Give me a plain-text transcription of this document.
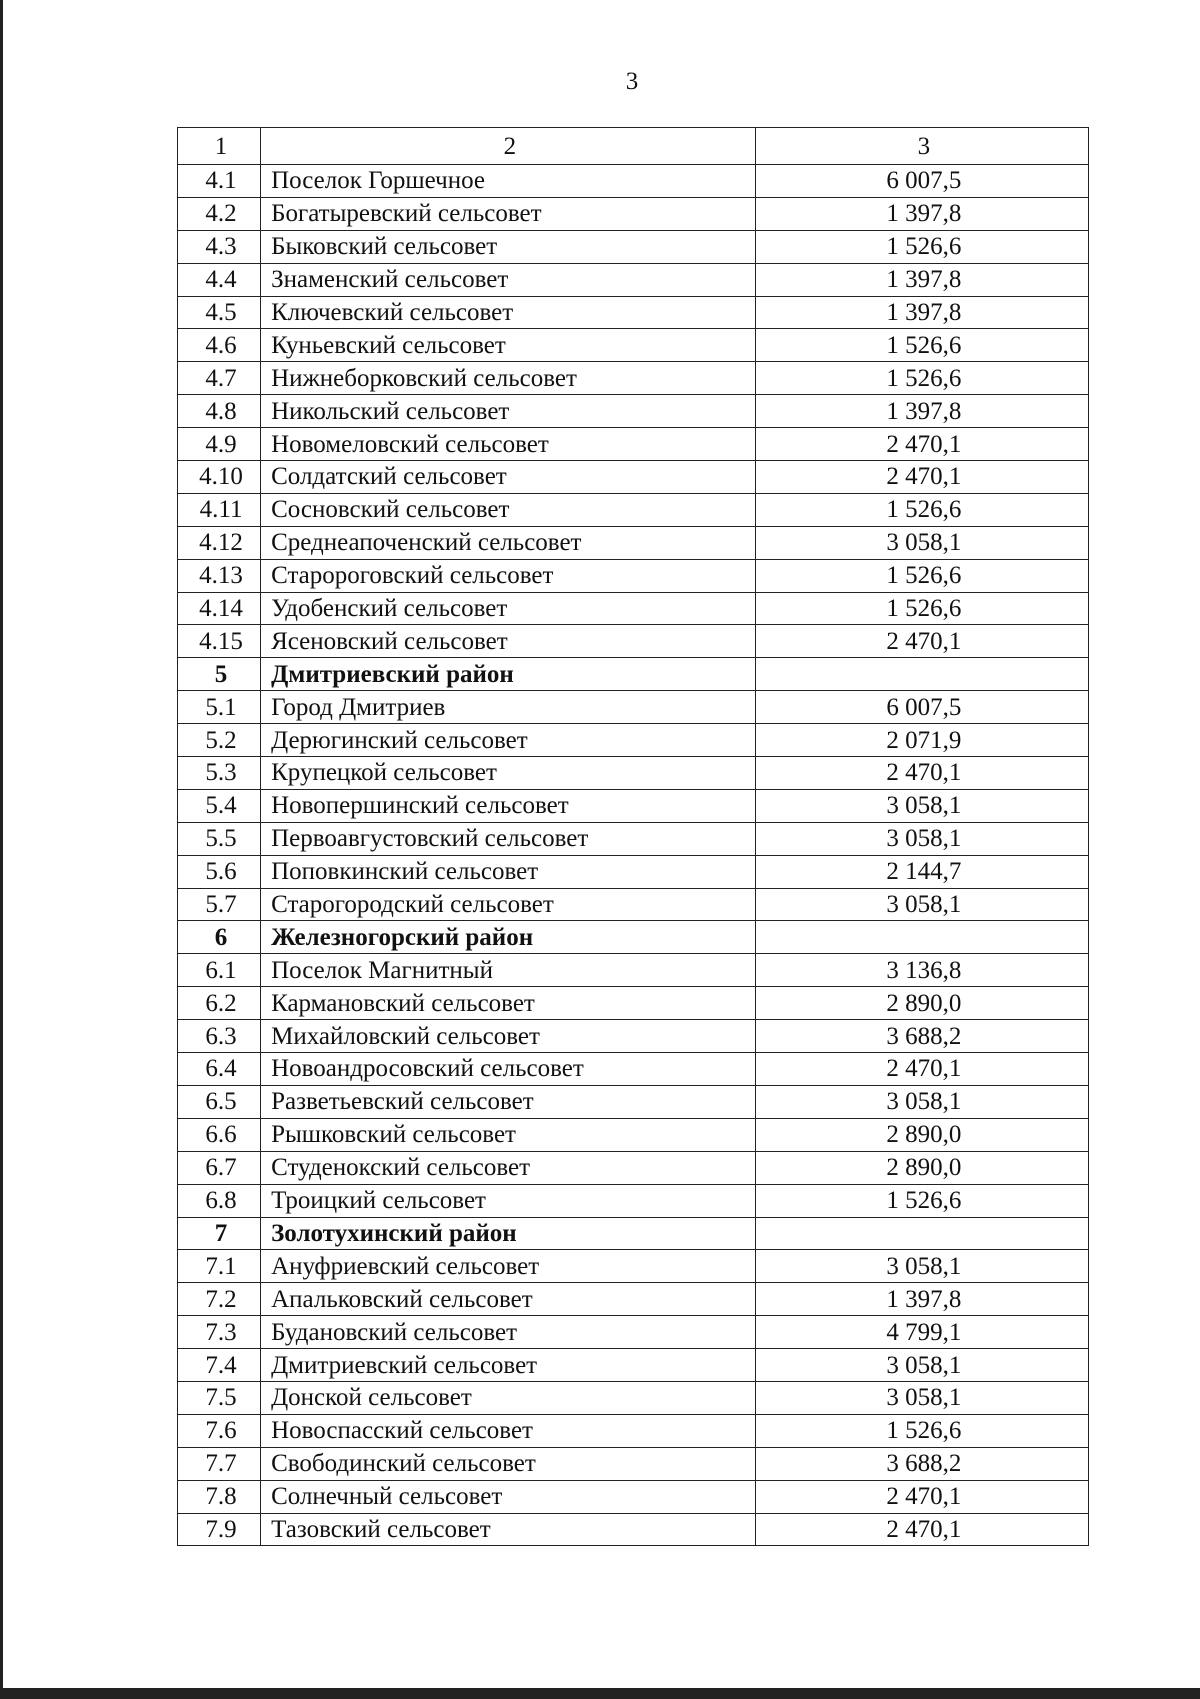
3
1	2	3
4.1	Поселок Горшечное	6 007,5
4.2	Богатыревский сельсовет	1 397,8
4.3	Быковский сельсовет	1 526,6
4.4	Знаменский сельсовет	1 397,8
4.5	Ключевский сельсовет	1 397,8
4.6	Куньевский сельсовет	1 526,6
4.7	Нижнеборковский сельсовет	1 526,6
4.8	Никольский сельсовет	1 397,8
4.9	Новомеловский сельсовет	2 470,1
4.10	Солдатский сельсовет	2 470,1
4.11	Сосновский сельсовет	1 526,6
4.12	Среднеапоченский сельсовет	3 058,1
4.13	Старороговский сельсовет	1 526,6
4.14	Удобенский сельсовет	1 526,6
4.15	Ясеновский сельсовет	2 470,1
5	Дмитриевский район	
5.1	Город Дмитриев	6 007,5
5.2	Дерюгинский сельсовет	2 071,9
5.3	Крупецкой сельсовет	2 470,1
5.4	Новопершинский сельсовет	3 058,1
5.5	Первоавгустовский сельсовет	3 058,1
5.6	Поповкинский сельсовет	2 144,7
5.7	Старогородский сельсовет	3 058,1
6	Железногорский район	
6.1	Поселок Магнитный	3 136,8
6.2	Кармановский сельсовет	2 890,0
6.3	Михайловский сельсовет	3 688,2
6.4	Новоандросовский сельсовет	2 470,1
6.5	Разветьевский сельсовет	3 058,1
6.6	Рышковский сельсовет	2 890,0
6.7	Студенокский сельсовет	2 890,0
6.8	Троицкий сельсовет	1 526,6
7	Золотухинский район	
7.1	Ануфриевский сельсовет	3 058,1
7.2	Апальковский сельсовет	1 397,8
7.3	Будановский сельсовет	4 799,1
7.4	Дмитриевский сельсовет	3 058,1
7.5	Донской сельсовет	3 058,1
7.6	Новоспасский сельсовет	1 526,6
7.7	Свободинский сельсовет	3 688,2
7.8	Солнечный сельсовет	2 470,1
7.9	Тазовский сельсовет	2 470,1
